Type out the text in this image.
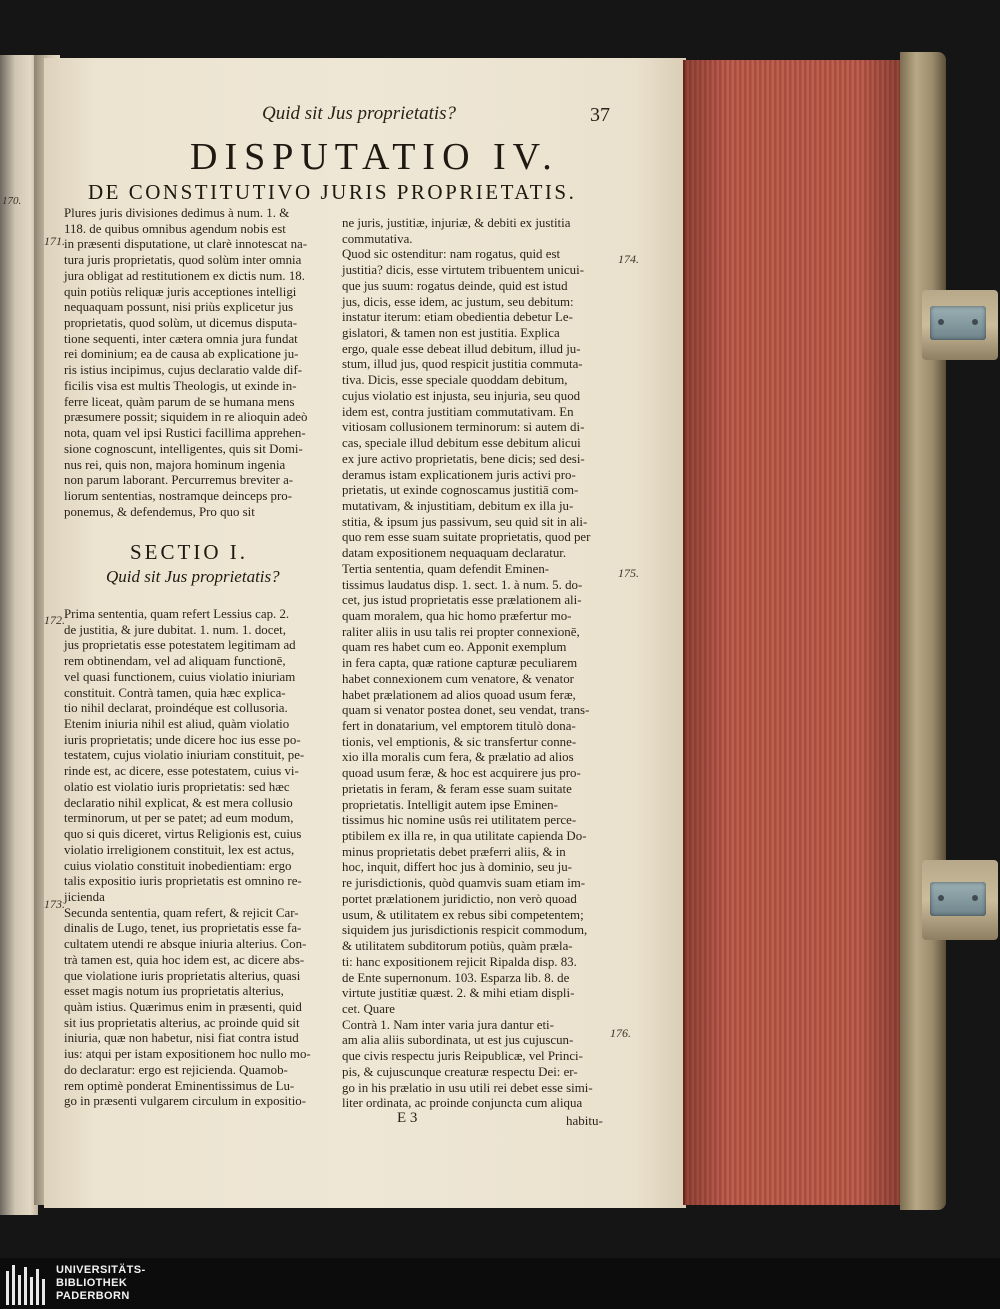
170.
Quid sit Jus proprietatis?	37
DISPUTATIO IV.
DE CONSTITUTIVO JURIS PROPRIETATIS.

Plures juris divisiones dedimus à num. 1. &

118. de quibus omnibus agendum nobis est

in præsenti disputatione, ut clarè innotescat na-

tura juris proprietatis, quod solùm inter omnia

jura obligat ad restitutionem ex dictis num. 18.

quin potiùs reliquæ juris acceptiones intelligi

nequaquam possunt, nisi priùs explicetur jus

proprietatis, quod solùm, ut dicemus disputa-

tione sequenti, inter cætera omnia jura fundat

rei dominium; ea de causa ab explicatione ju-

ris istius incipimus, cujus declaratio valde dif-

ficilis visa est multis Theologis, ut exinde in-

ferre liceat, quàm parum de se humana mens

præsumere possit; siquidem in re alioquin adeò

nota, quam vel ipsi Rustici facillima apprehen-

sione cognoscunt, intelligentes, quis sit Domi-

nus rei, quis non, majora hominum ingenia

non parum laborant. Percurremus breviter a-

liorum sententias, nostramque deinceps pro-

ponemus, & defendemus, Pro quo sit

SECTIO I.
Quid sit Jus proprietatis?

Prima sententia, quam refert Lessius cap. 2.

de justitia, & jure dubitat. 1. num. 1. docet,

jus proprietatis esse potestatem legitimam ad

rem obtinendam, vel ad aliquam functionē,

vel quasi functionem, cuius violatio iniuriam

constituit. Contrà tamen, quia hæc explica-

tio nihil declarat, proindéque est collusoria.

Etenim iniuria nihil est aliud, quàm violatio

iuris proprietatis; unde dicere hoc ius esse po-

testatem, cujus violatio iniuriam constituit, pe-

rinde est, ac dicere, esse potestatem, cuius vi-

olatio est violatio iuris proprietatis: sed hæc

declaratio nihil explicat, & est mera collusio

terminorum, ut per se patet; ad eum modum,

quo si quis diceret, virtus Religionis est, cuius

violatio irreligionem constituit, lex est actus,

cuius violatio constituit inobedientiam: ergo

talis expositio iuris proprietatis est omnino re-

jicienda

Secunda sententia, quam refert, & rejicit Car-

dinalis de Lugo, tenet, ius proprietatis esse fa-

cultatem utendi re absque iniuria alterius. Con-

trà tamen est, quia hoc idem est, ac dicere abs-

que violatione iuris proprietatis alterius, quasi

esset magis notum ius proprietatis alterius,

quàm istius. Quærimus enim in præsenti, quid

sit ius proprietatis alterius, ac proinde quid sit

iniuria, quæ non habetur, nisi fiat contra istud

ius: atqui per istam expositionem hoc nullo mo-

do declaratur: ergo est rejicienda. Quamob-

rem optimè ponderat Eminentissimus de Lu-

go in præsenti vulgarem circulum in expositio-

ne juris, justitiæ, injuriæ, & debiti ex justitia

commutativa.

Quod sic ostenditur: nam rogatus, quid est

justitia? dicis, esse virtutem tribuentem unicui-

que jus suum: rogatus deinde, quid est istud

jus, dicis, esse idem, ac justum, seu debitum:

instatur iterum: etiam obedientia debetur Le-

gislatori, & tamen non est justitia. Explica

ergo, quale esse debeat illud debitum, illud ju-

stum, illud jus, quod respicit justitia commuta-

tiva. Dicis, esse speciale quoddam debitum,

cujus violatio est injusta, seu injuria, seu quod

idem est, contra justitiam commutativam. En

vitiosam collusionem terminorum: si autem di-

cas, speciale illud debitum esse debitum alicui

ex jure activo proprietatis, bene dicis; sed desi-

deramus istam explicationem juris activi pro-

prietatis, ut exinde cognoscamus justitiā com-

mutativam, & injustitiam, debitum ex illa ju-

stitia, & ipsum jus passivum, seu quid sit in ali-

quo rem esse suam suitate proprietatis, quod per

datam expositionem nequaquam declaratur.

Tertia sententia, quam defendit Eminen-

tissimus laudatus disp. 1. sect. 1. à num. 5. do-

cet, jus istud proprietatis esse prælationem ali-

quam moralem, qua hic homo præfertur mo-

raliter aliis in usu talis rei propter connexionē,

quam res habet cum eo. Apponit exemplum

in fera capta, quæ ratione capturæ peculiarem

habet connexionem cum venatore, & venator

habet prælationem ad alios quoad usum feræ,

quam si venator postea donet, seu vendat, trans-

fert in donatarium, vel emptorem titulò dona-

tionis, vel emptionis, & sic transfertur conne-

xio illa moralis cum fera, & prælatio ad alios

quoad usum feræ, & hoc est acquirere jus pro-

prietatis in feram, & feram esse suam suitate

proprietatis. Intelligit autem ipse Eminen-

tissimus hic nomine usûs rei utilitatem perce-

ptibilem ex illa re, in qua utilitate capienda Do-

minus proprietatis debet præferri aliis, & in

hoc, inquit, differt hoc jus à dominio, seu ju-

re jurisdictionis, quòd quamvis suam etiam im-

portet prælationem juridictio, non verò quoad

usum, & utilitatem ex rebus sibi competentem;

siquidem jus jurisdictionis respicit commodum,

& utilitatem subditorum potiùs, quàm præla-

ti: hanc expositionem rejicit Ripalda disp. 83.

de Ente supernonum. 103. Esparza lib. 8. de

virtute justitiæ quæst. 2. & mihi etiam displi-

cet. Quare

Contrà 1. Nam inter varia jura dantur eti-

am alia aliis subordinata, ut est jus cujuscun-

que civis respectu juris Reipublicæ, vel Princi-

pis, & cujuscunque creaturæ respectu Dei: er-

go in his prælatio in usu utili rei debet esse simi-

liter ordinata, ac proinde conjuncta cum aliqua

171.
172.
173.
174.
175.
176.
E 3	habitu-
UNIVERSITÄTS-
BIBLIOTHEK
PADERBORN
